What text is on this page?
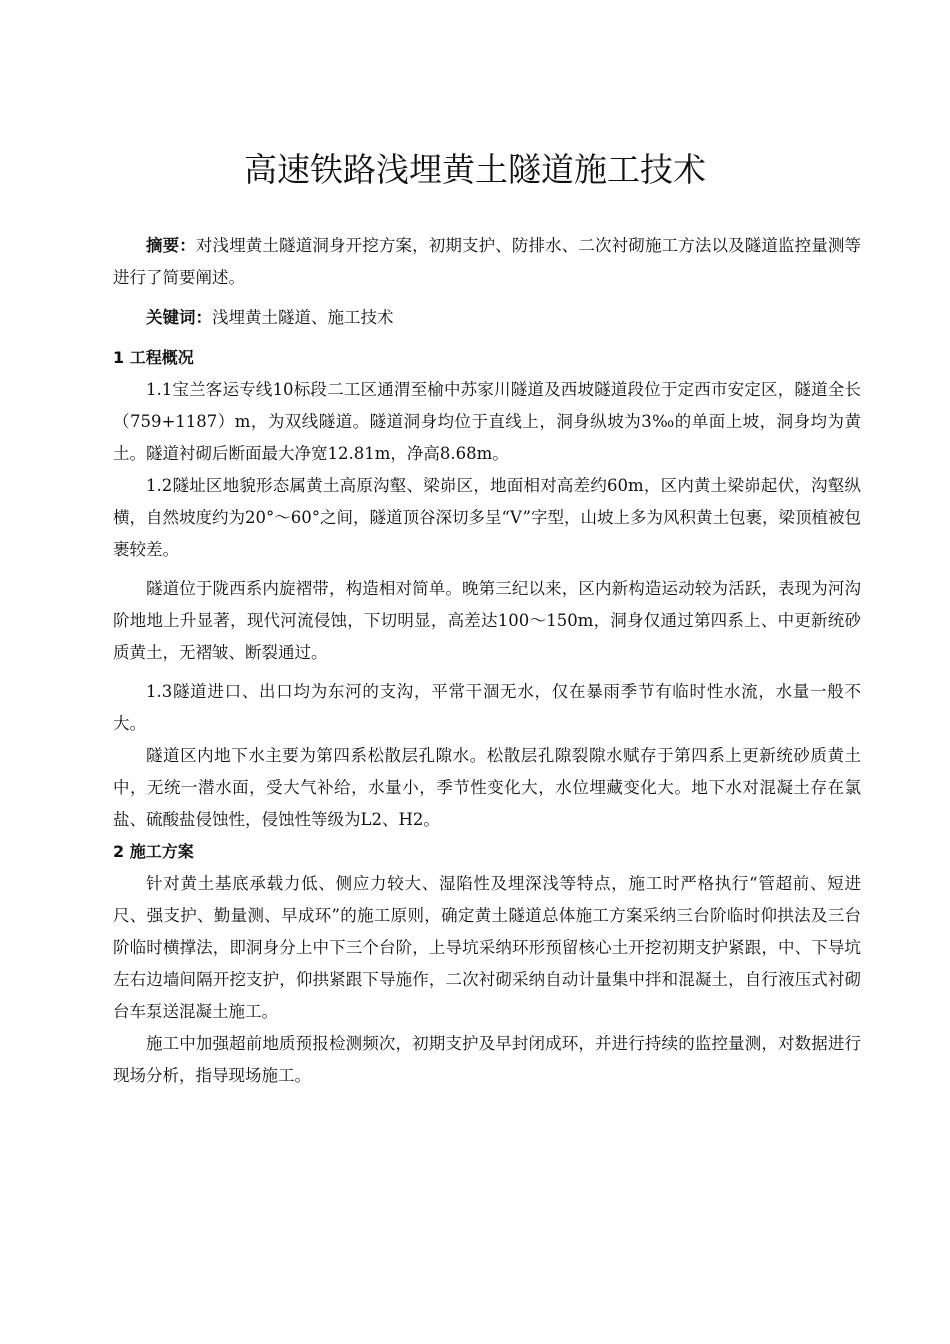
高速铁路浅埋黄土隧道施工技术

摘要：对浅埋黄土隧道洞身开挖方案，初期支护、防排水、二次衬砌施工方法以及隧道监控量测等进行了简要阐述。

关键词：浅埋黄土隧道、施工技术

1 工程概况

1.1宝兰客运专线10标段二工区通渭至榆中苏家川隧道及西坡隧道段位于定西市安定区，隧道全长（759+1187）m，为双线隧道。隧道洞身均位于直线上，洞身纵坡为3‰的单面上坡，洞身均为黄土。隧道衬砌后断面最大净宽12.81m，净高8.68m。

1.2隧址区地貌形态属黄土高原沟壑、梁峁区，地面相对高差约60m，区内黄土梁峁起伏，沟壑纵横，自然坡度约为20°～60°之间，隧道顶谷深切多呈“V”字型，山坡上多为风积黄土包裹，梁顶植被包裹较差。

隧道位于陇西系内旋褶带，构造相对简单。晚第三纪以来，区内新构造运动较为活跃，表现为河沟阶地地上升显著，现代河流侵蚀，下切明显，高差达100～150m，洞身仅通过第四系上、中更新统砂质黄土，无褶皱、断裂通过。

1.3隧道进口、出口均为东河的支沟，平常干涸无水，仅在暴雨季节有临时性水流，水量一般不大。

隧道区内地下水主要为第四系松散层孔隙水。松散层孔隙裂隙水赋存于第四系上更新统砂质黄土中，无统一潜水面，受大气补给，水量小，季节性变化大，水位埋藏变化大。地下水对混凝土存在氯盐、硫酸盐侵蚀性，侵蚀性等级为L2、H2。

2 施工方案

针对黄土基底承载力低、侧应力较大、湿陷性及埋深浅等特点，施工时严格执行“管超前、短进尺、强支护、勤量测、早成环”的施工原则，确定黄土隧道总体施工方案采纳三台阶临时仰拱法及三台阶临时横撑法，即洞身分上中下三个台阶，上导坑采纳环形预留核心土开挖初期支护紧跟，中、下导坑左右边墙间隔开挖支护，仰拱紧跟下导施作，二次衬砌采纳自动计量集中拌和混凝土，自行液压式衬砌台车泵送混凝土施工。

施工中加强超前地质预报检测频次，初期支护及早封闭成环，并进行持续的监控量测，对数据进行现场分析，指导现场施工。
